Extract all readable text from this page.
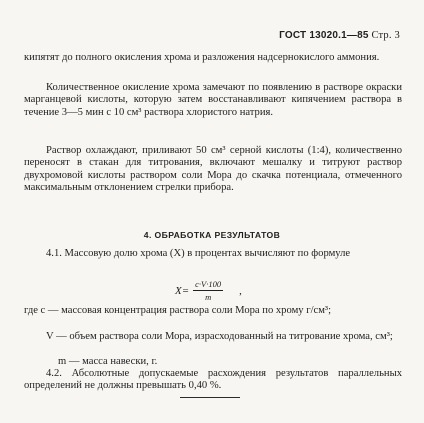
ГОСТ 13020.1—85 Стр. 3
кипятят до полного окисления хрома и разложения надсернокислого аммония.
Количественное окисление хрома замечают по появлению в растворе окраски марганцевой кислоты, которую затем восстанавливают кипячением раствора в течение 3—5 мин с 10 см³ раствора хлористого натрия.
Раствор охлаждают, приливают 50 см³ серной кислоты (1:4), количественно переносят в стакан для титрования, включают мешалку и титруют раствор двухромовой кислоты раствором соли Мора до скачка потенциала, отмеченного максимальным отклонением стрелки прибора.
4. ОБРАБОТКА РЕЗУЛЬТАТОВ
4.1. Массовую долю хрома (X) в процентах вычисляют по формуле
$X= \frac{c\cdot V\cdot 100}{m}$ ,
где c — массовая концентрация раствора соли Мора по хрому г/см³;
V — объем раствора соли Мора, израсходованный на титрование хрома, см³;
m — масса навески, г.
4.2. Абсолютные допускаемые расхождения результатов параллельных определений не должны превышать 0,40 %.
